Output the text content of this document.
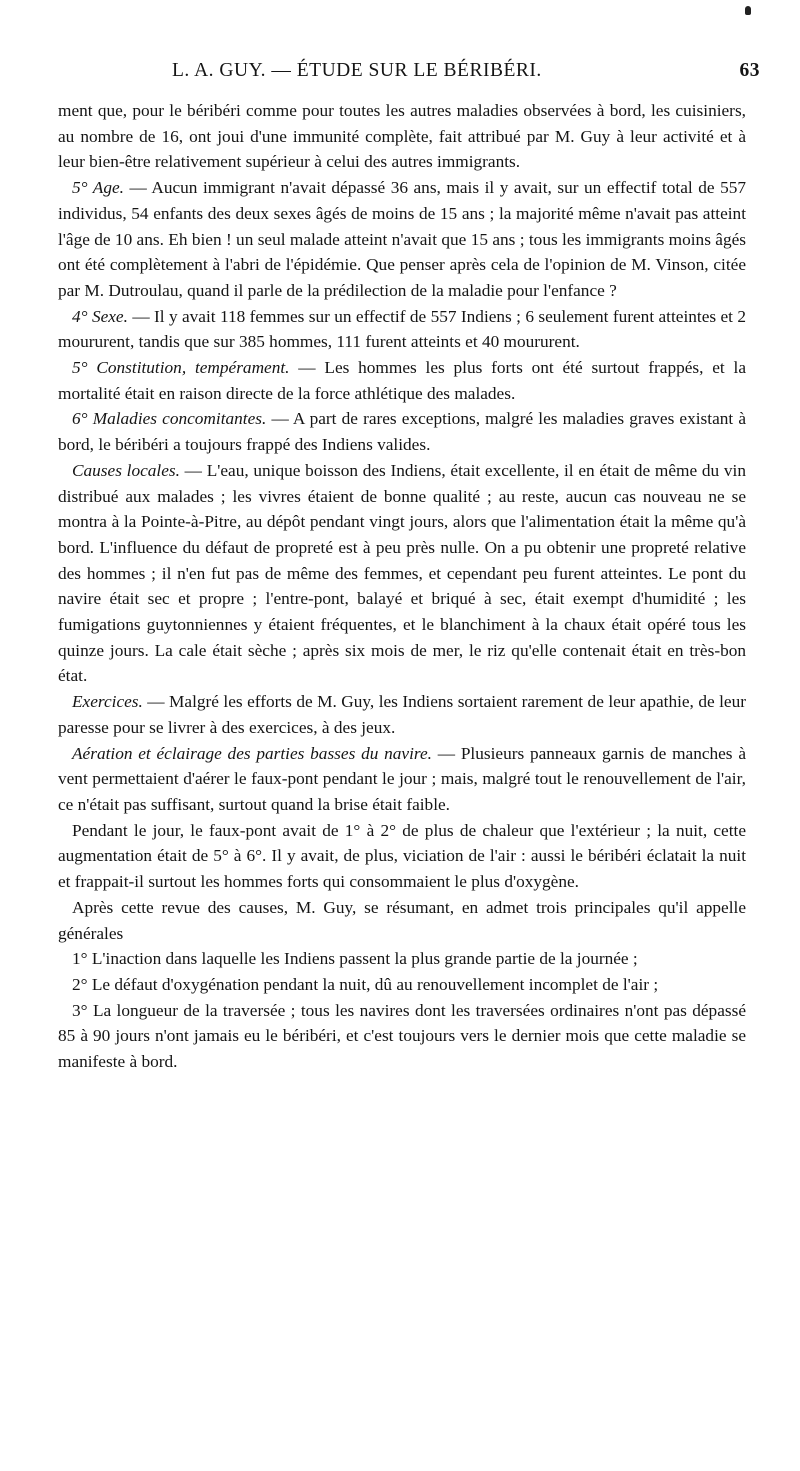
L. A. GUY. — ÉTUDE SUR LE BÉRIBÉRI.	63

ment que, pour le béribéri comme pour toutes les autres maladies observées à bord, les cuisiniers, au nombre de 16, ont joui d'une immunité complète, fait attribué par M. Guy à leur activité et à leur bien-être relativement supérieur à celui des autres immigrants.

5° Age. — Aucun immigrant n'avait dépassé 36 ans, mais il y avait, sur un effectif total de 557 individus, 54 enfants des deux sexes âgés de moins de 15 ans ; la majorité même n'avait pas atteint l'âge de 10 ans. Eh bien ! un seul malade atteint n'avait que 15 ans ; tous les immigrants moins âgés ont été complètement à l'abri de l'épidémie. Que penser après cela de l'opinion de M. Vinson, citée par M. Dutroulau, quand il parle de la prédilection de la maladie pour l'enfance ?

4° Sexe. — Il y avait 118 femmes sur un effectif de 557 Indiens ; 6 seulement furent atteintes et 2 moururent, tandis que sur 385 hommes, 111 furent atteints et 40 moururent.

5° Constitution, tempérament. — Les hommes les plus forts ont été surtout frappés, et la mortalité était en raison directe de la force athlétique des malades.

6° Maladies concomitantes. — A part de rares exceptions, malgré les maladies graves existant à bord, le béribéri a toujours frappé des Indiens valides.

Causes locales. — L'eau, unique boisson des Indiens, était excellente, il en était de même du vin distribué aux malades ; les vivres étaient de bonne qualité ; au reste, aucun cas nouveau ne se montra à la Pointe-à-Pitre, au dépôt pendant vingt jours, alors que l'alimentation était la même qu'à bord. L'influence du défaut de propreté est à peu près nulle. On a pu obtenir une propreté relative des hommes ; il n'en fut pas de même des femmes, et cependant peu furent atteintes. Le pont du navire était sec et propre ; l'entre-pont, balayé et briqué à sec, était exempt d'humidité ; les fumigations guytonniennes y étaient fréquentes, et le blanchiment à la chaux était opéré tous les quinze jours. La cale était sèche ; après six mois de mer, le riz qu'elle contenait était en très-bon état.

Exercices. — Malgré les efforts de M. Guy, les Indiens sortaient rarement de leur apathie, de leur paresse pour se livrer à des exercices, à des jeux.

Aération et éclairage des parties basses du navire. — Plusieurs panneaux garnis de manches à vent permettaient d'aérer le faux-pont pendant le jour ; mais, malgré tout le renouvellement de l'air, ce n'était pas suffisant, surtout quand la brise était faible.

Pendant le jour, le faux-pont avait de 1° à 2° de plus de chaleur que l'extérieur ; la nuit, cette augmentation était de 5° à 6°. Il y avait, de plus, viciation de l'air : aussi le béribéri éclatait la nuit et frappait-il surtout les hommes forts qui consommaient le plus d'oxygène.

Après cette revue des causes, M. Guy, se résumant, en admet trois principales qu'il appelle générales

1° L'inaction dans laquelle les Indiens passent la plus grande partie de la journée ;

2° Le défaut d'oxygénation pendant la nuit, dû au renouvellement incomplet de l'air ;

3° La longueur de la traversée ; tous les navires dont les traversées ordinaires n'ont pas dépassé 85 à 90 jours n'ont jamais eu le béribéri, et c'est toujours vers le dernier mois que cette maladie se manifeste à bord.
